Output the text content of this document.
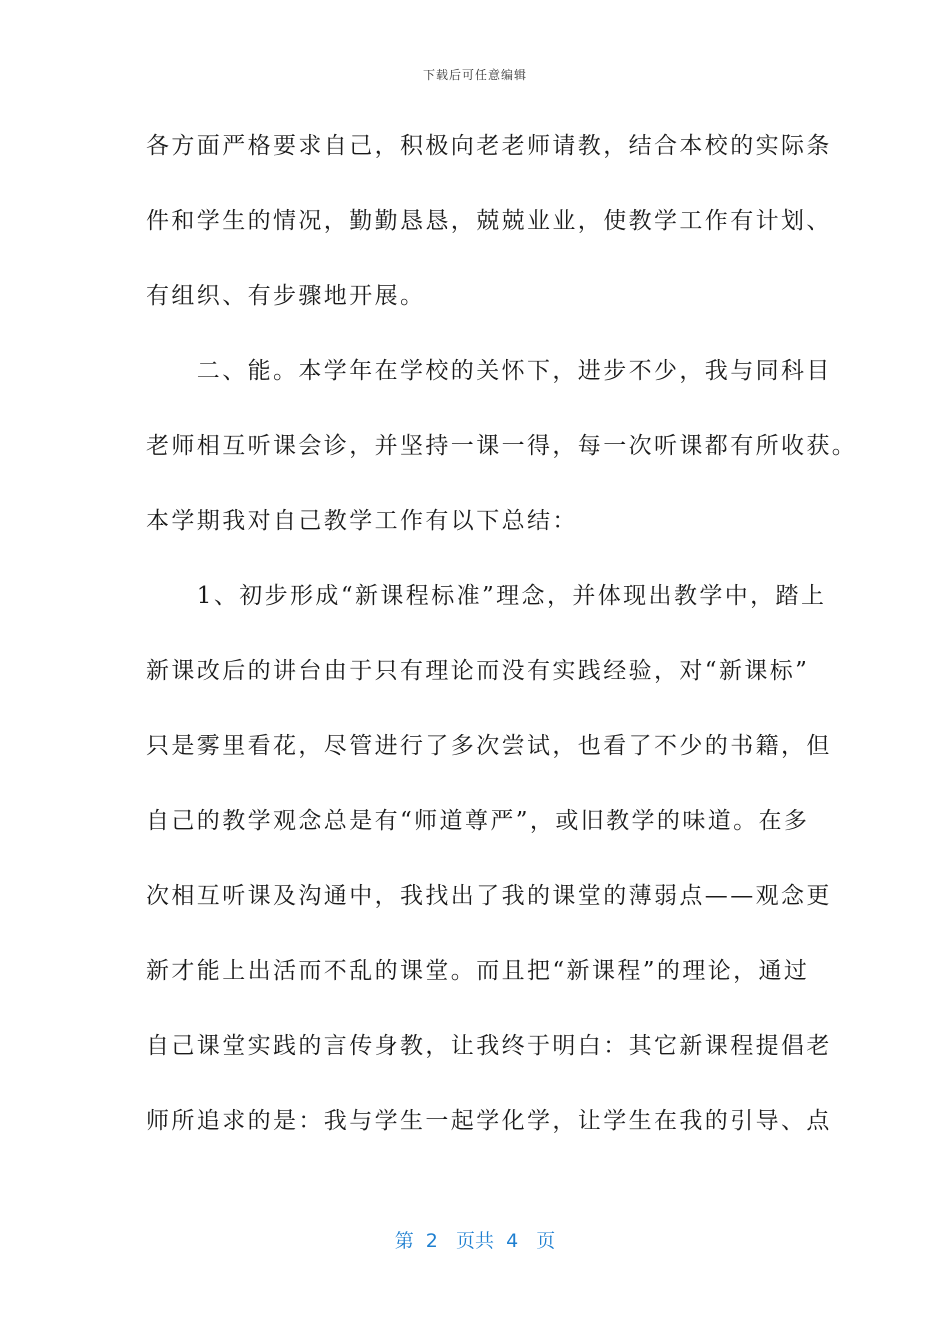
下载后可任意编辑
各方面严格要求自己，积极向老老师请教，结合本校的实际条
件和学生的情况，勤勤恳恳，兢兢业业，使教学工作有计划、
有组织、有步骤地开展。
　　二、能。本学年在学校的关怀下，进步不少，我与同科目
老师相互听课会诊，并坚持一课一得，每一次听课都有所收获。
本学期我对自己教学工作有以下总结：
　　1、初步形成“新课程标准”理念，并体现出教学中，踏上
新课改后的讲台由于只有理论而没有实践经验，对“新课标”
只是雾里看花，尽管进行了多次尝试，也看了不少的书籍，但
自己的教学观念总是有“师道尊严”，或旧教学的味道。在多
次相互听课及沟通中，我找出了我的课堂的薄弱点——观念更
新才能上出活而不乱的课堂。而且把“新课程”的理论，通过
自己课堂实践的言传身教，让我终于明白：其它新课程提倡老
师所追求的是：我与学生一起学化学，让学生在我的引导、点
第  2   页共  4   页
